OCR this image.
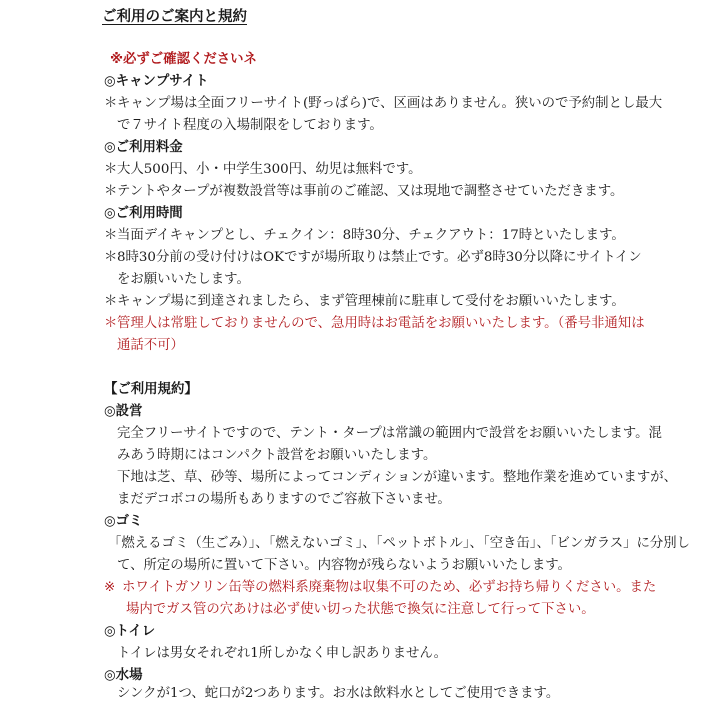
ご利用のご案内と規約
※必ずご確認くださいネ
◎キャンプサイト
＊ キャンプ場は全面フリーサイト(野っぱら)で、区画はありません。狭いので予約制とし最大
で７サイト程度の入場制限をしております。
◎ご利用料金
＊ 大人500円、小・中学生300円、幼児は無料です。
＊ テントやタープが複数設営等は事前のご確認、又は現地で調整させていただきます。
◎ご利用時間
＊ 当面デイキャンプとし、チェクイン：8時30分、チェクアウト：17時といたします。
＊ 8時30分前の受け付けはOKですが場所取りは禁止です。必ず8時30分以降にサイトイン
をお願いいたします。
＊ キャンプ場に到達されましたら、まず管理棟前に駐車して受付をお願いいたします。
＊ 管理人は常駐しておりませんので、急用時はお電話をお願いいたします。（番号非通知は
通話不可）
【ご利用規約】
◎設営
完全フリーサイトですので、テント・タープは常識の範囲内で設営をお願いいたします。混
みあう時期にはコンパクト設営をお願いいたします。
下地は芝、草、砂等、場所によってコンディションが違います。整地作業を進めていますが、
まだデコボコの場所もありますのでご容赦下さいませ。
◎ゴミ
「燃えるゴミ（生ごみ）」、「燃えないゴミ」、「ペットボトル」、「空き缶」、「ビンガラス」に分別し
て、所定の場所に置いて下さい。内容物が残らないようお願いいたします。
※ ホワイトガソリン缶等の燃料系廃棄物は収集不可のため、必ずお持ち帰りください。また
場内でガス管の穴あけは必ず使い切った状態で換気に注意して行って下さい。
◎トイレ
トイレは男女それぞれ1所しかなく申し訳ありません。
◎水場
シンクが1つ、蛇口が2つあります。お水は飲料水としてご使用できます。
